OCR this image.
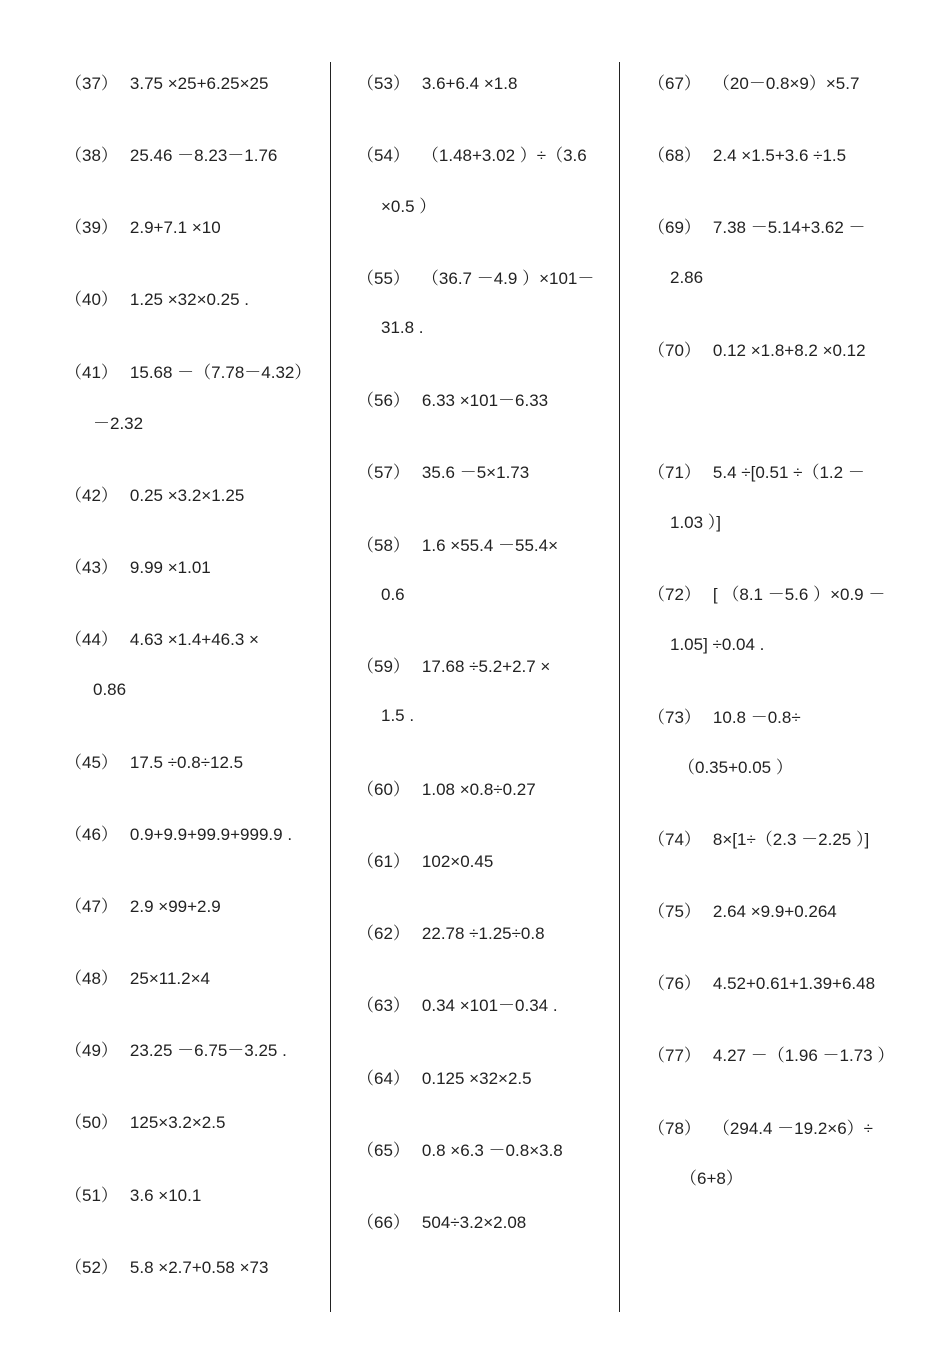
（37） 3.75 ×25+6.25×25
（38） 25.46 －8.23－1.76
（39） 2.9+7.1 ×10
（40） 1.25 ×32×0.25 .
（41） 15.68 －（7.78－4.32）
－2.32
（42） 0.25 ×3.2×1.25
（43） 9.99 ×1.01
（44） 4.63 ×1.4+46.3 ×
0.86
（45） 17.5 ÷0.8÷12.5
（46） 0.9+9.9+99.9+999.9 .
（47） 2.9 ×99+2.9
（48） 25×11.2×4
（49） 23.25 －6.75－3.25 .
（50） 125×3.2×2.5
（51） 3.6 ×10.1
（52） 5.8 ×2.7+0.58 ×73
（53） 3.6+6.4 ×1.8
（54） （1.48+3.02 ）÷（3.6
×0.5 ）
（55） （36.7 －4.9 ）×101－
31.8 .
（56） 6.33 ×101－6.33
（57） 35.6 －5×1.73
（58） 1.6 ×55.4 －55.4×
0.6
（59） 17.68 ÷5.2+2.7 ×
1.5 .
（60） 1.08 ×0.8÷0.27
（61） 102×0.45
（62） 22.78 ÷1.25÷0.8
（63） 0.34 ×101－0.34 .
（64） 0.125 ×32×2.5
（65） 0.8 ×6.3 －0.8×3.8
（66） 504÷3.2×2.08
（67） （20－0.8×9）×5.7
（68） 2.4 ×1.5+3.6 ÷1.5
（69） 7.38 －5.14+3.62 －
2.86
（70） 0.12 ×1.8+8.2 ×0.12
（71） 5.4 ÷[0.51 ÷（1.2 －
1.03 ）]
（72） [ （8.1 －5.6 ）×0.9 －
1.05] ÷0.04 .
（73） 10.8 －0.8÷
（0.35+0.05 ）
（74） 8×[1÷（2.3 －2.25 ）]
（75） 2.64 ×9.9+0.264
（76） 4.52+0.61+1.39+6.48
（77） 4.27 －（1.96 －1.73 ）
（78） （294.4 －19.2×6）÷
（6+8）
